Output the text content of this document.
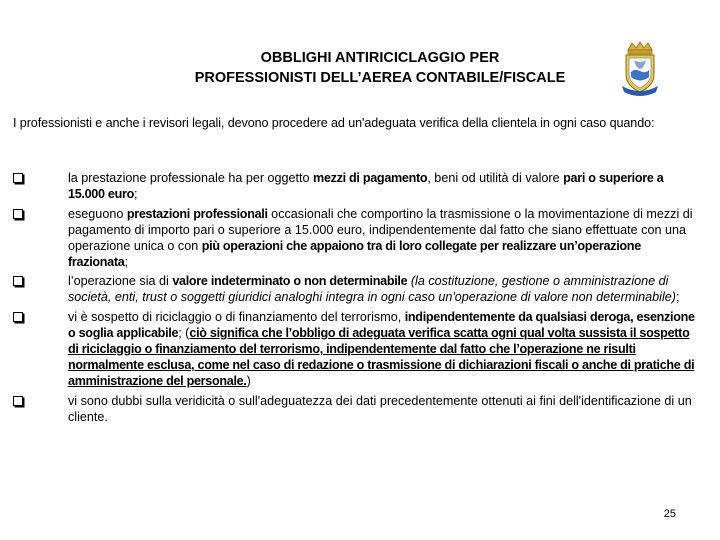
OBBLIGHI ANTIRICICLAGGIO PER
PROFESSIONISTI DELL’AEREA CONTABILE/FISCALE
I professionisti e anche i revisori legali, devono procedere ad un'adeguata verifica della clientela in ogni caso quando:
la prestazione professionale ha per oggetto mezzi di pagamento, beni od utilità di valore pari o superiore a 15.000 euro;
eseguono prestazioni professionali occasionali che comportino la trasmissione o la movimentazione di mezzi di pagamento di importo pari o superiore a 15.000 euro, indipendentemente dal fatto che siano effettuate con una operazione unica o con più operazioni che appaiono tra di loro collegate per realizzare un’operazione frazionata;
l’operazione sia di valore indeterminato o non determinabile (la costituzione, gestione o amministrazione di società, enti, trust o soggetti giuridici analoghi integra in ogni caso un'operazione di valore non determinabile);
vi è sospetto di riciclaggio o di finanziamento del terrorismo, indipendentemente da qualsiasi deroga, esenzione o soglia applicabile; (ciò significa che l’obbligo di adeguata verifica scatta ogni qual volta sussista il sospetto di riciclaggio o finanziamento del terrorismo, indipendentemente dal fatto che l’operazione ne risulti normalmente esclusa, come nel caso di redazione o trasmissione di dichiarazioni fiscali o anche di pratiche di amministrazione del personale.)
vi sono dubbi sulla veridicità o sull'adeguatezza dei dati precedentemente ottenuti ai fini dell'identificazione di un cliente.
25
